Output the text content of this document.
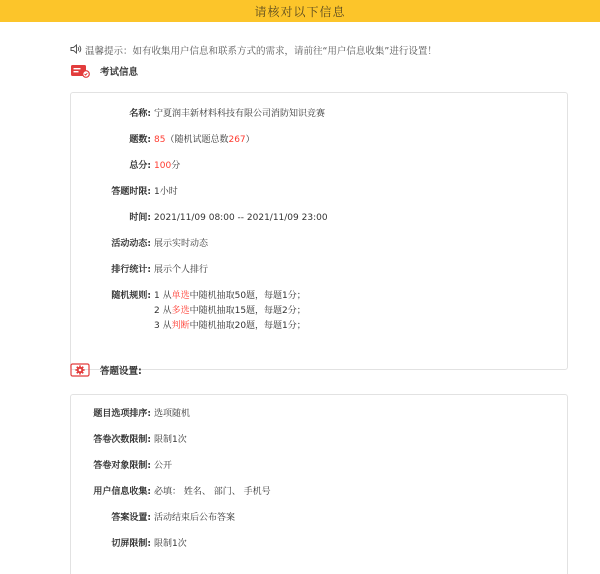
请核对以下信息
温馨提示：如有收集用户信息和联系方式的需求，请前往“用户信息收集”进行设置！
考试信息
名称: 宁夏润丰新材料科技有限公司消防知识竞赛
题数: 85（随机试题总数267）
总分: 100分
答题时限: 1小时
时间: 2021/11/09 08:00 -- 2021/11/09 23:00
活动动态: 展示实时动态
排行统计: 展示个人排行
随机规则: 1 从单选中随机抽取50题，每题1分；
2 从多选中随机抽取15题，每题2分；
3 从判断中随机抽取20题，每题1分；
答题设置:
题目选项排序: 选项随机
答卷次数限制: 限制1次
答卷对象限制: 公开
用户信息收集: 必填： 姓名、 部门、 手机号
答案设置: 活动结束后公布答案
切屏限制: 限制1次
